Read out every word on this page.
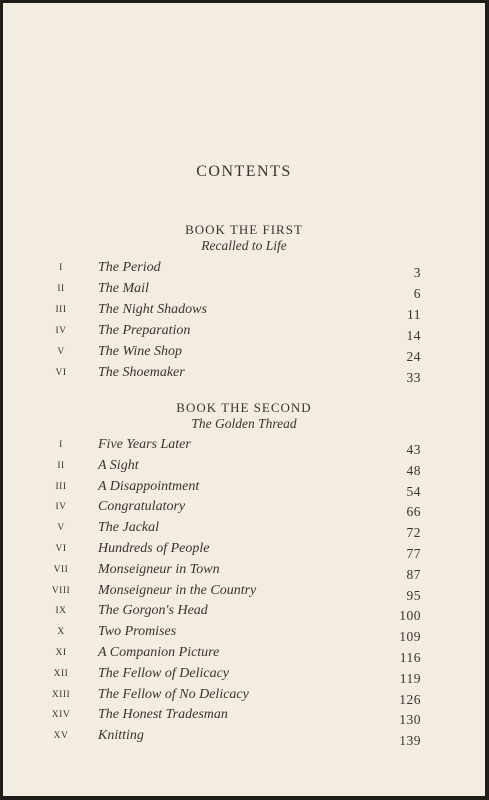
CONTENTS
BOOK THE FIRST
Recalled to Life
I	The Period	3
II	The Mail	6
III	The Night Shadows	11
IV	The Preparation	14
V	The Wine Shop	24
VI	The Shoemaker	33
BOOK THE SECOND
The Golden Thread
I	Five Years Later	43
II	A Sight	48
III	A Disappointment	54
IV	Congratulatory	66
V	The Jackal	72
VI	Hundreds of People	77
VII	Monseigneur in Town	87
VIII	Monseigneur in the Country	95
IX	The Gorgon's Head	100
X	Two Promises	109
XI	A Companion Picture	116
XII	The Fellow of Delicacy	119
XIII	The Fellow of No Delicacy	126
XIV	The Honest Tradesman	130
XV	Knitting	139
